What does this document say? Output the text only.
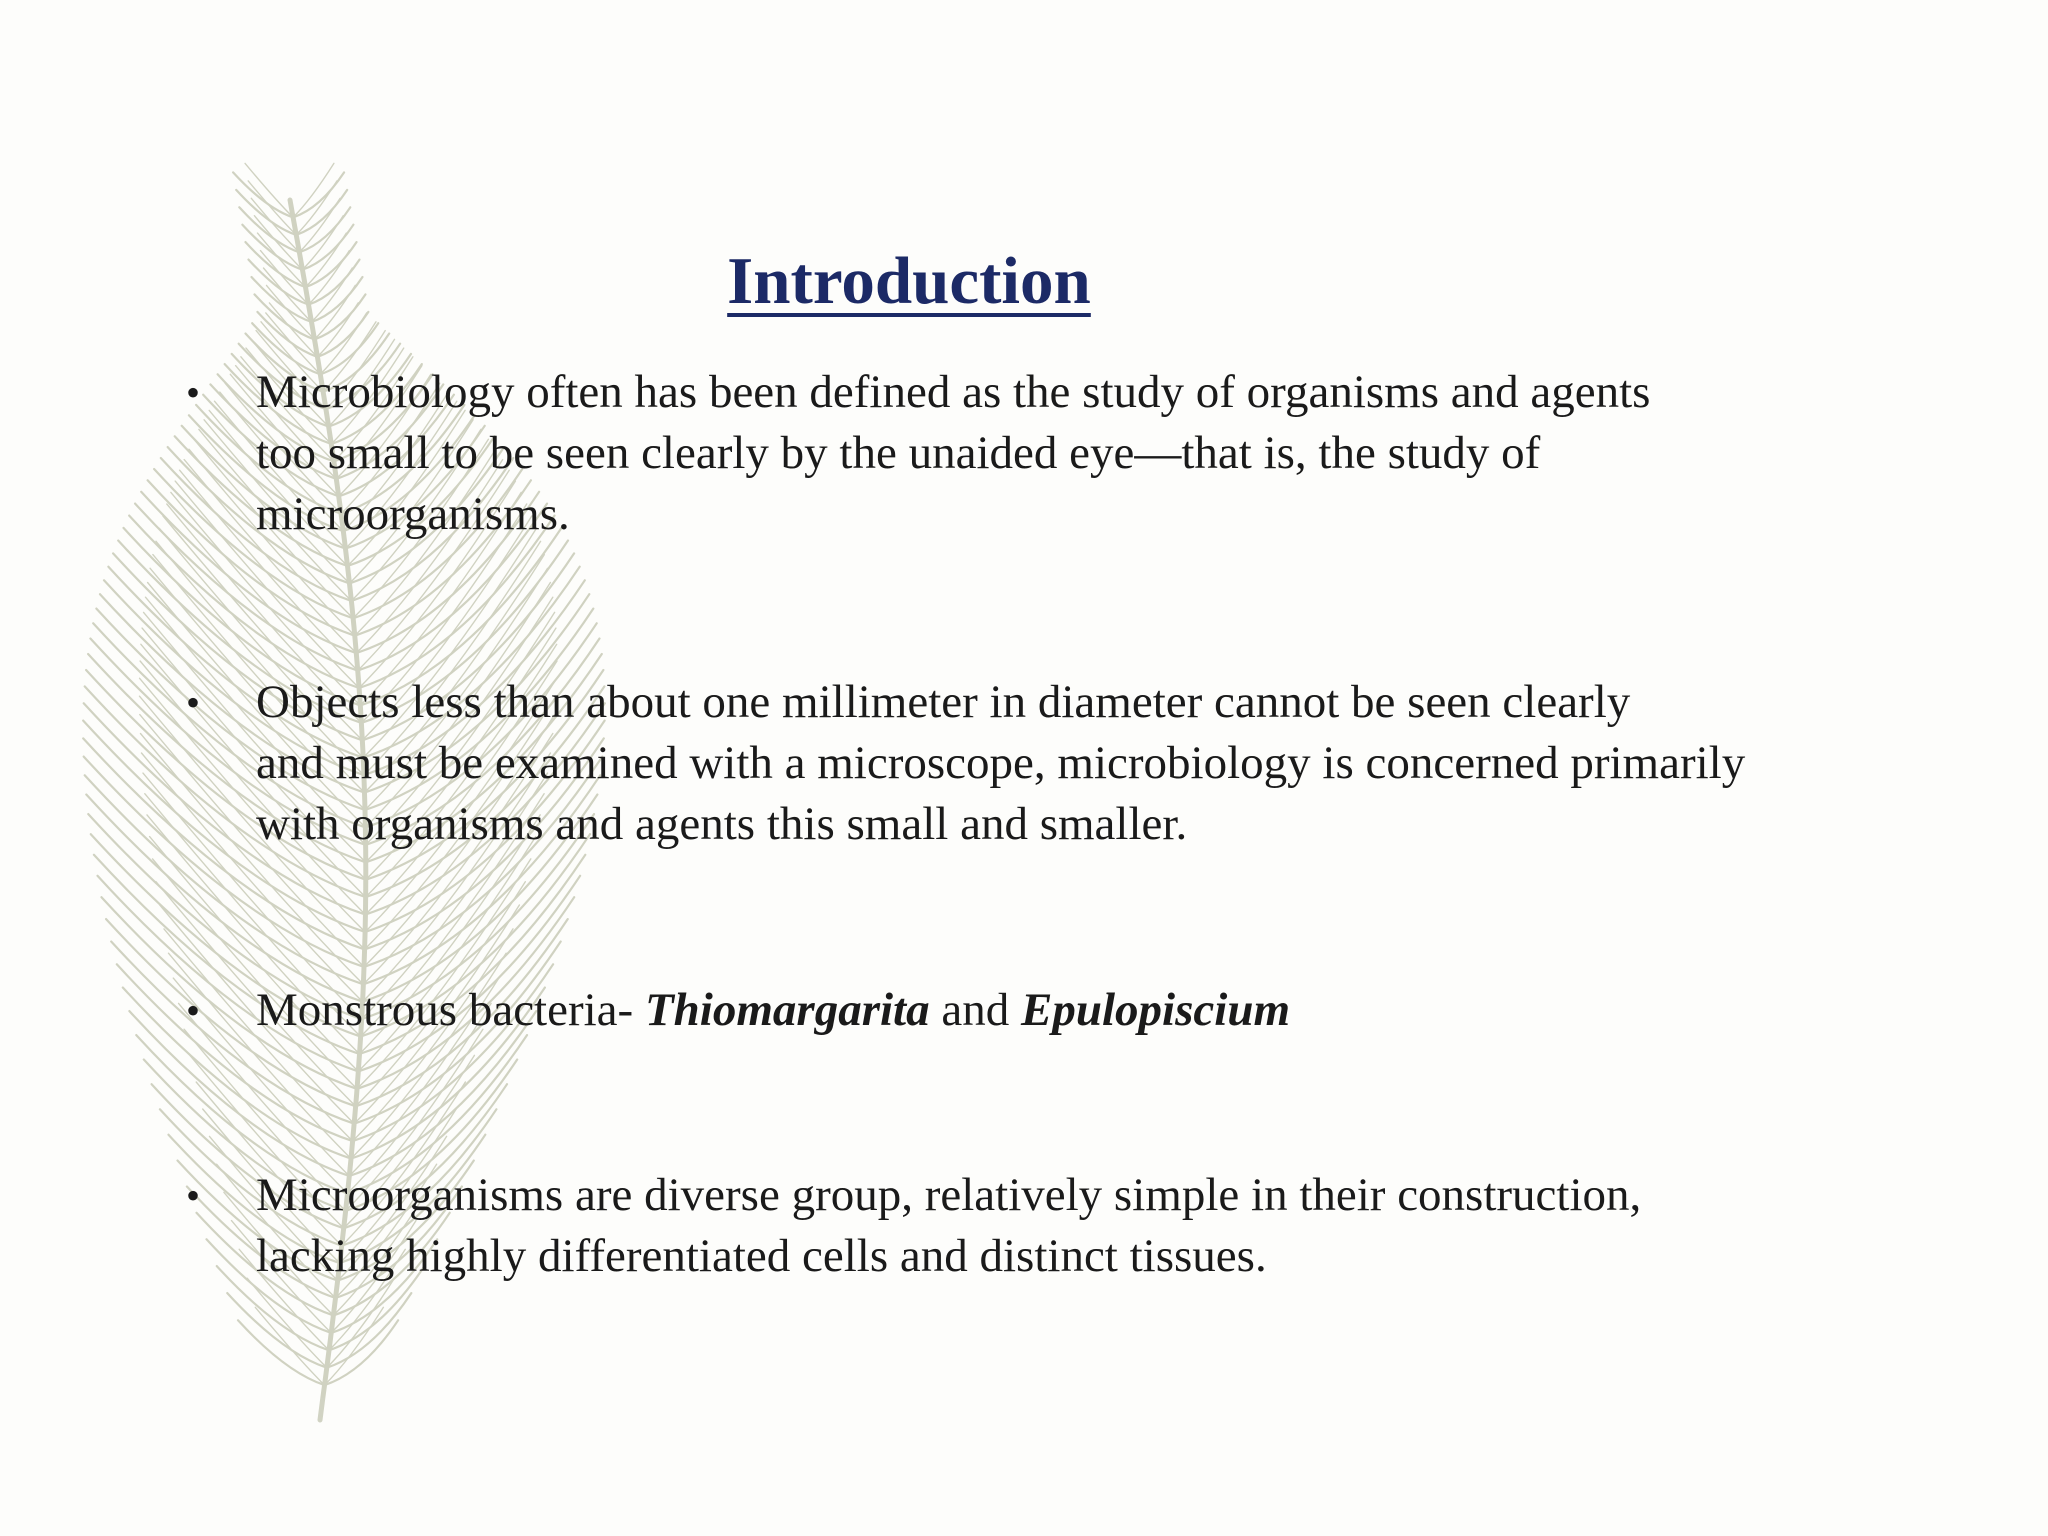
Introduction
•	Microbiology often has been defined as the study of organisms and agents
too small to be seen clearly by the unaided eye—that is, the study of
microorganisms.
•	Objects less than about one millimeter in diameter cannot be seen clearly
and must be examined with a microscope, microbiology is concerned primarily
with organisms and agents this small and smaller.
•	Monstrous bacteria- Thiomargarita and Epulopiscium
•	Microorganisms are diverse group, relatively simple in their construction,
lacking highly differentiated cells and distinct tissues.
